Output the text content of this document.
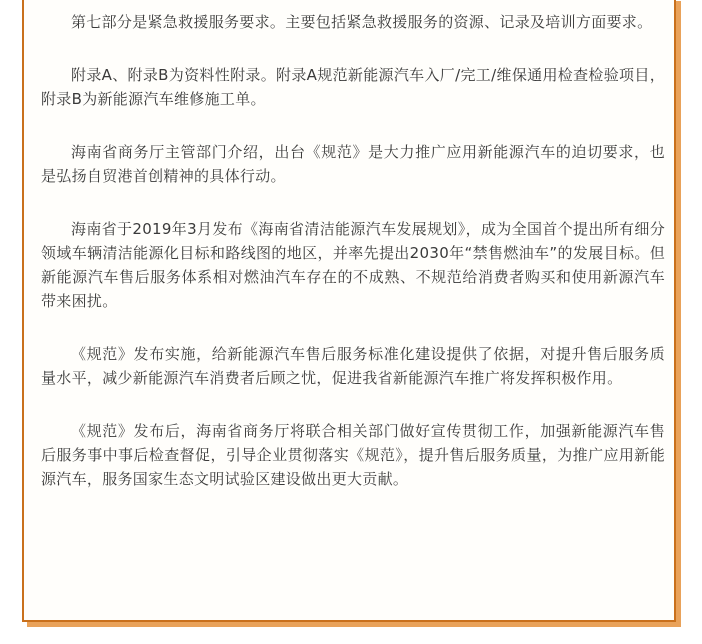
第七部分是紧急救援服务要求。主要包括紧急救援服务的资源、记录及培训方面要求。

附录A、附录B为资料性附录。附录A规范新能源汽车入厂/完工/维保通用检查检验项目，附录B为新能源汽车维修施工单。

海南省商务厅主管部门介绍，出台《规范》是大力推广应用新能源汽车的迫切要求，也是弘扬自贸港首创精神的具体行动。

海南省于2019年3月发布《海南省清洁能源汽车发展规划》，成为全国首个提出所有细分领域车辆清洁能源化目标和路线图的地区，并率先提出2030年“禁售燃油车”的发展目标。但新能源汽车售后服务体系相对燃油汽车存在的不成熟、不规范给消费者购买和使用新源汽车带来困扰。

《规范》发布实施，给新能源汽车售后服务标准化建设提供了依据，对提升售后服务质量水平，减少新能源汽车消费者后顾之忧，促进我省新能源汽车推广将发挥积极作用。

《规范》发布后，海南省商务厅将联合相关部门做好宣传贯彻工作，加强新能源汽车售后服务事中事后检查督促，引导企业贯彻落实《规范》，提升售后服务质量，为推广应用新能源汽车，服务国家生态文明试验区建设做出更大贡献。
